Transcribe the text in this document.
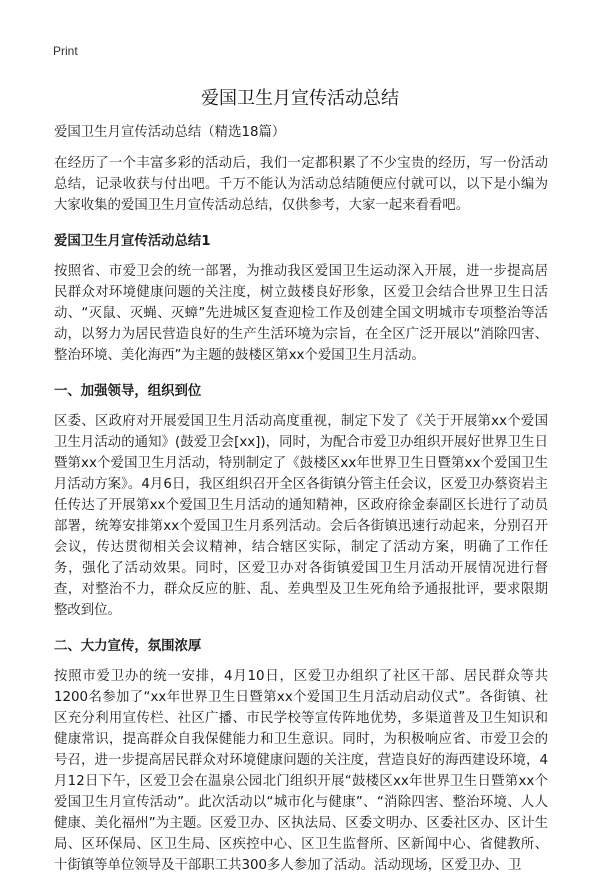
Print
爱国卫生月宣传活动总结

爱国卫生月宣传活动总结（精选18篇）

在经历了一个丰富多彩的活动后，我们一定都积累了不少宝贵的经历，写一份活动总结，记录收获与付出吧。千万不能认为活动总结随便应付就可以，以下是小编为大家收集的爱国卫生月宣传活动总结，仅供参考，大家一起来看看吧。

爱国卫生月宣传活动总结1

按照省、市爱卫会的统一部署，为推动我区爱国卫生运动深入开展，进一步提高居民群众对环境健康问题的关注度，树立鼓楼良好形象，区爱卫会结合世界卫生日活动、“灭鼠、灭蝇、灭蟑”先进城区复查迎检工作及创建全国文明城市专项整治等活动，以努力为居民营造良好的生产生活环境为宗旨，在全区广泛开展以“消除四害、整治环境、美化海西”为主题的鼓楼区第xx个爱国卫生月活动。

一、加强领导，组织到位

区委、区政府对开展爱国卫生月活动高度重视，制定下发了《关于开展第xx个爱国卫生月活动的通知》(鼓爱卫会[xx])，同时，为配合市爱卫办组织开展好世界卫生日暨第xx个爱国卫生月活动，特别制定了《鼓楼区xx年世界卫生日暨第xx个爱国卫生月活动方案》。4月6日，我区组织召开全区各街镇分管主任会议，区爱卫办蔡资岩主任传达了开展第xx个爱国卫生月活动的通知精神，区政府徐金泰副区长进行了动员部署，统筹安排第xx个爱国卫生月系列活动。会后各街镇迅速行动起来，分别召开会议，传达贯彻相关会议精神，结合辖区实际，制定了活动方案，明确了工作任务，强化了活动效果。同时，区爱卫办对各街镇爱国卫生月活动开展情况进行督查，对整治不力，群众反应的脏、乱、差典型及卫生死角给予通报批评，要求限期整改到位。

二、大力宣传，氛围浓厚

按照市爱卫办的统一安排，4月10日，区爱卫办组织了社区干部、居民群众等共1200名参加了“xx年世界卫生日暨第xx个爱国卫生月活动启动仪式”。各街镇、社区充分利用宣传栏、社区广播、市民学校等宣传阵地优势，多渠道普及卫生知识和健康常识，提高群众自我保健能力和卫生意识。同时，为积极响应省、市爱卫会的号召，进一步提高居民群众对环境健康问题的关注度，营造良好的海西建设环境，4月12日下午，区爱卫会在温泉公园北门组织开展“鼓楼区xx年世界卫生日暨第xx个爱国卫生月宣传活动”。此次活动以“城市化与健康”、“消除四害、整治环境、人人健康、美化福州”为主题。区爱卫办、区执法局、区委文明办、区委社区办、区计生局、区环保局、区卫生局、区疾控中心、区卫生监督所、区新闻中心、省健教所、十街镇等单位领导及干部职工共300多人参加了活动。活动现场，区爱卫办、卫
